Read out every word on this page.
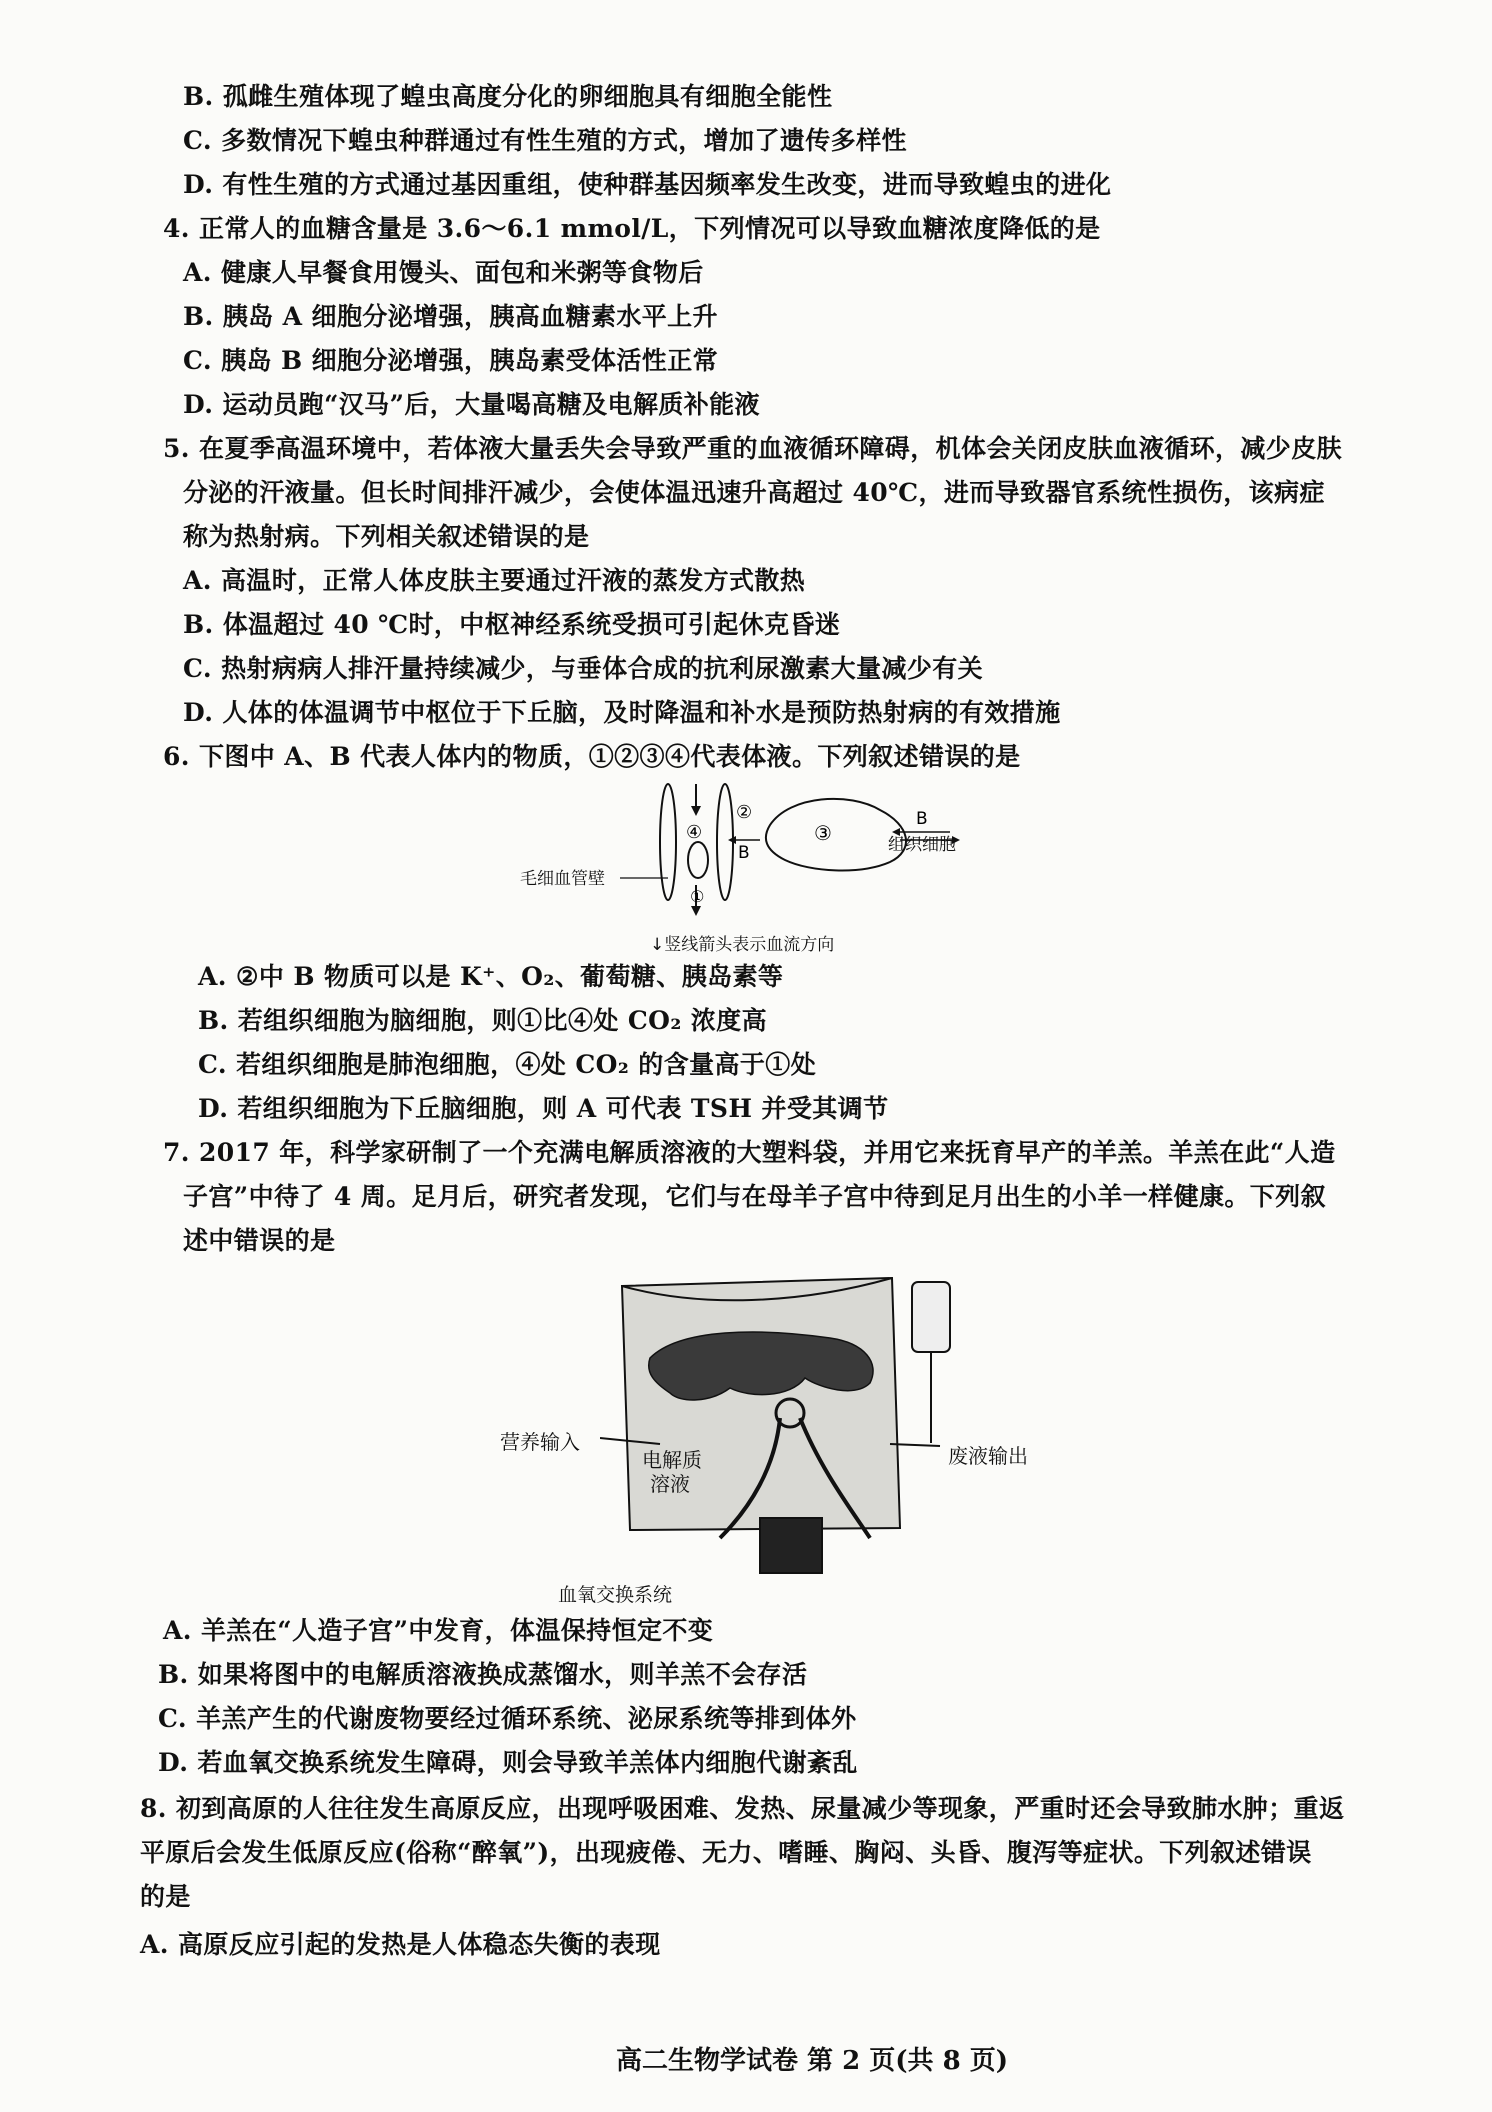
B. 孤雌生殖体现了蝗虫高度分化的卵细胞具有细胞全能性
C. 多数情况下蝗虫种群通过有性生殖的方式，增加了遗传多样性
D. 有性生殖的方式通过基因重组，使种群基因频率发生改变，进而导致蝗虫的进化
4. 正常人的血糖含量是 3.6～6.1 mmol/L，下列情况可以导致血糖浓度降低的是
A. 健康人早餐食用馒头、面包和米粥等食物后
B. 胰岛 A 细胞分泌增强，胰高血糖素水平上升
C. 胰岛 B 细胞分泌增强，胰岛素受体活性正常
D. 运动员跑“汉马”后，大量喝高糖及电解质补能液
5. 在夏季高温环境中，若体液大量丢失会导致严重的血液循环障碍，机体会关闭皮肤血液循环，减少皮肤
分泌的汗液量。但长时间排汗减少，会使体温迅速升高超过 40℃，进而导致器官系统性损伤，该病症
称为热射病。下列相关叙述错误的是
A. 高温时，正常人体皮肤主要通过汗液的蒸发方式散热
B. 体温超过 40 ℃时，中枢神经系统受损可引起休克昏迷
C. 热射病病人排汗量持续减少，与垂体合成的抗利尿激素大量减少有关
D. 人体的体温调节中枢位于下丘脑，及时降温和补水是预防热射病的有效措施
6. 下图中 A、B 代表人体内的物质，①②③④代表体液。下列叙述错误的是
④
②
①
B
③
B
毛细血管壁
组织细胞
↓竖线箭头表示血流方向
A. ②中 B 物质可以是 K⁺、O₂、葡萄糖、胰岛素等
B. 若组织细胞为脑细胞，则①比④处 CO₂ 浓度高
C. 若组织细胞是肺泡细胞，④处 CO₂ 的含量高于①处
D. 若组织细胞为下丘脑细胞，则 A 可代表 TSH 并受其调节
7. 2017 年，科学家研制了一个充满电解质溶液的大塑料袋，并用它来抚育早产的羊羔。羊羔在此“人造
子宫”中待了 4 周。足月后，研究者发现，它们与在母羊子宫中待到足月出生的小羊一样健康。下列叙
述中错误的是
营养输入
电解质
溶液
废液输出
血氧交换系统
A. 羊羔在“人造子宫”中发育，体温保持恒定不变
B. 如果将图中的电解质溶液换成蒸馏水，则羊羔不会存活
C. 羊羔产生的代谢废物要经过循环系统、泌尿系统等排到体外
D. 若血氧交换系统发生障碍，则会导致羊羔体内细胞代谢紊乱
8. 初到高原的人往往发生高原反应，出现呼吸困难、发热、尿量减少等现象，严重时还会导致肺水肿；重返
平原后会发生低原反应(俗称“醉氧”)，出现疲倦、无力、嗜睡、胸闷、头昏、腹泻等症状。下列叙述错误
的是
A. 高原反应引起的发热是人体稳态失衡的表现
高二生物学试卷 第 2 页(共 8 页)
